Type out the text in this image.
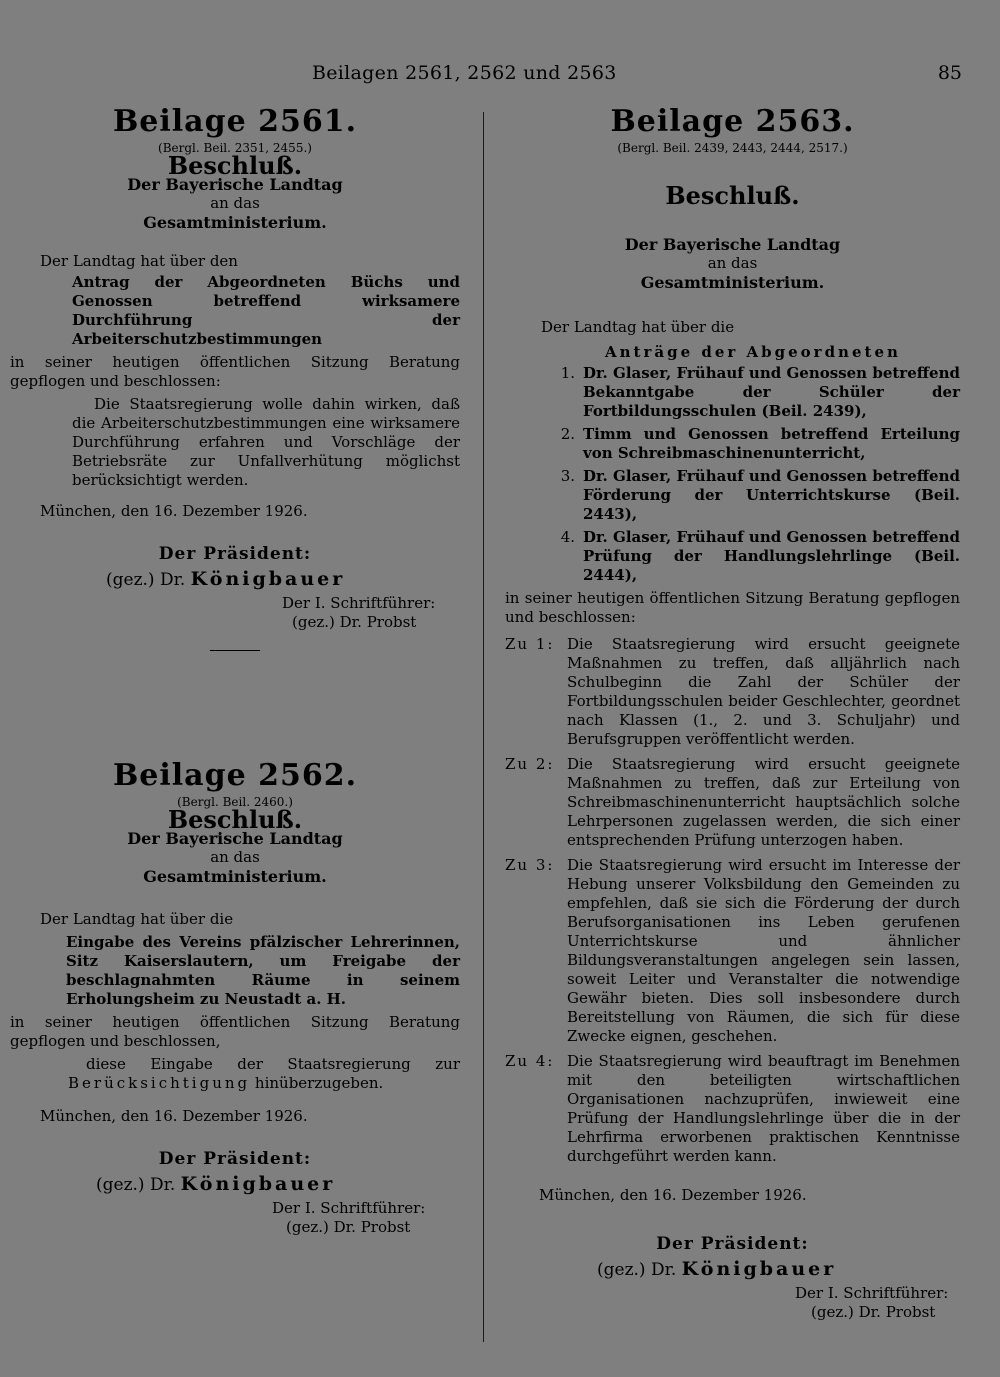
Beilagen 2561, 2562 und 2563	85

Beilage 2561.

(Bergl. Beil. 2351, 2455.)

Beschluß.

Der Bayerische Landtag

an das

Gesamtministerium.

Der Landtag hat über den

Antrag der Abgeordneten Büchs und Genossen betreffend wirksamere Durchführung der Arbeiterschutzbestimmungen

in seiner heutigen öffentlichen Sitzung Beratung gepflogen und beschlossen:

Die Staatsregierung wolle dahin wirken, daß die Arbeiterschutzbestimmungen eine wirksamere Durchführung erfahren und Vorschläge der Betriebsräte zur Unfallverhütung möglichst berücksichtigt werden.

München, den 16. Dezember 1926.

Der Präsident:

(gez.) Dr. Königbauer

Der I. Schriftführer:

(gez.) Dr. Probst

Beilage 2562.

(Bergl. Beil. 2460.)

Beschluß.

Der Bayerische Landtag

an das

Gesamtministerium.

Der Landtag hat über die

Eingabe des Vereins pfälzischer Lehrerinnen, Sitz Kaiserslautern, um Freigabe der beschlagnahmten Räume in seinem Erholungsheim zu Neustadt a. H.

in seiner heutigen öffentlichen Sitzung Beratung gepflogen und beschlossen,

diese Eingabe der Staatsregierung zur Berücksichtigung hinüberzugeben.

München, den 16. Dezember 1926.

Der Präsident:

(gez.) Dr. Königbauer

Der I. Schriftführer:

(gez.) Dr. Probst

Beilage 2563.

(Bergl. Beil. 2439, 2443, 2444, 2517.)

Beschluß.

Der Bayerische Landtag

an das

Gesamtministerium.

Der Landtag hat über die

Anträge der Abgeordneten

1. Dr. Glaser, Frühauf und Genossen betreffend Bekanntgabe der Schüler der Fortbildungsschulen (Beil. 2439),
2. Timm und Genossen betreffend Erteilung von Schreibmaschinenunterricht,
3. Dr. Glaser, Frühauf und Genossen betreffend Förderung der Unterrichtskurse (Beil. 2443),
4. Dr. Glaser, Frühauf und Genossen betreffend Prüfung der Handlungslehrlinge (Beil. 2444),

in seiner heutigen öffentlichen Sitzung Beratung gepflogen und beschlossen:

Zu 1: Die Staatsregierung wird ersucht geeignete Maßnahmen zu treffen, daß alljährlich nach Schulbeginn die Zahl der Schüler der Fortbildungsschulen beider Geschlechter, geordnet nach Klassen (1., 2. und 3. Schuljahr) und Berufsgruppen veröffentlicht werden.
Zu 2: Die Staatsregierung wird ersucht geeignete Maßnahmen zu treffen, daß zur Erteilung von Schreibmaschinenunterricht hauptsächlich solche Lehrpersonen zugelassen werden, die sich einer entsprechenden Prüfung unterzogen haben.
Zu 3: Die Staatsregierung wird ersucht im Interesse der Hebung unserer Volksbildung den Gemeinden zu empfehlen, daß sie sich die Förderung der durch Berufsorganisationen ins Leben gerufenen Unterrichtskurse und ähnlicher Bildungsveranstaltungen angelegen sein lassen, soweit Leiter und Veranstalter die notwendige Gewähr bieten. Dies soll insbesondere durch Bereitstellung von Räumen, die sich für diese Zwecke eignen, geschehen.
Zu 4: Die Staatsregierung wird beauftragt im Benehmen mit den beteiligten wirtschaftlichen Organisationen nachzuprüfen, inwieweit eine Prüfung der Handlungslehrlinge über die in der Lehrfirma erworbenen praktischen Kenntnisse durchgeführt werden kann.

München, den 16. Dezember 1926.

Der Präsident:

(gez.) Dr. Königbauer

Der I. Schriftführer:

(gez.) Dr. Probst
